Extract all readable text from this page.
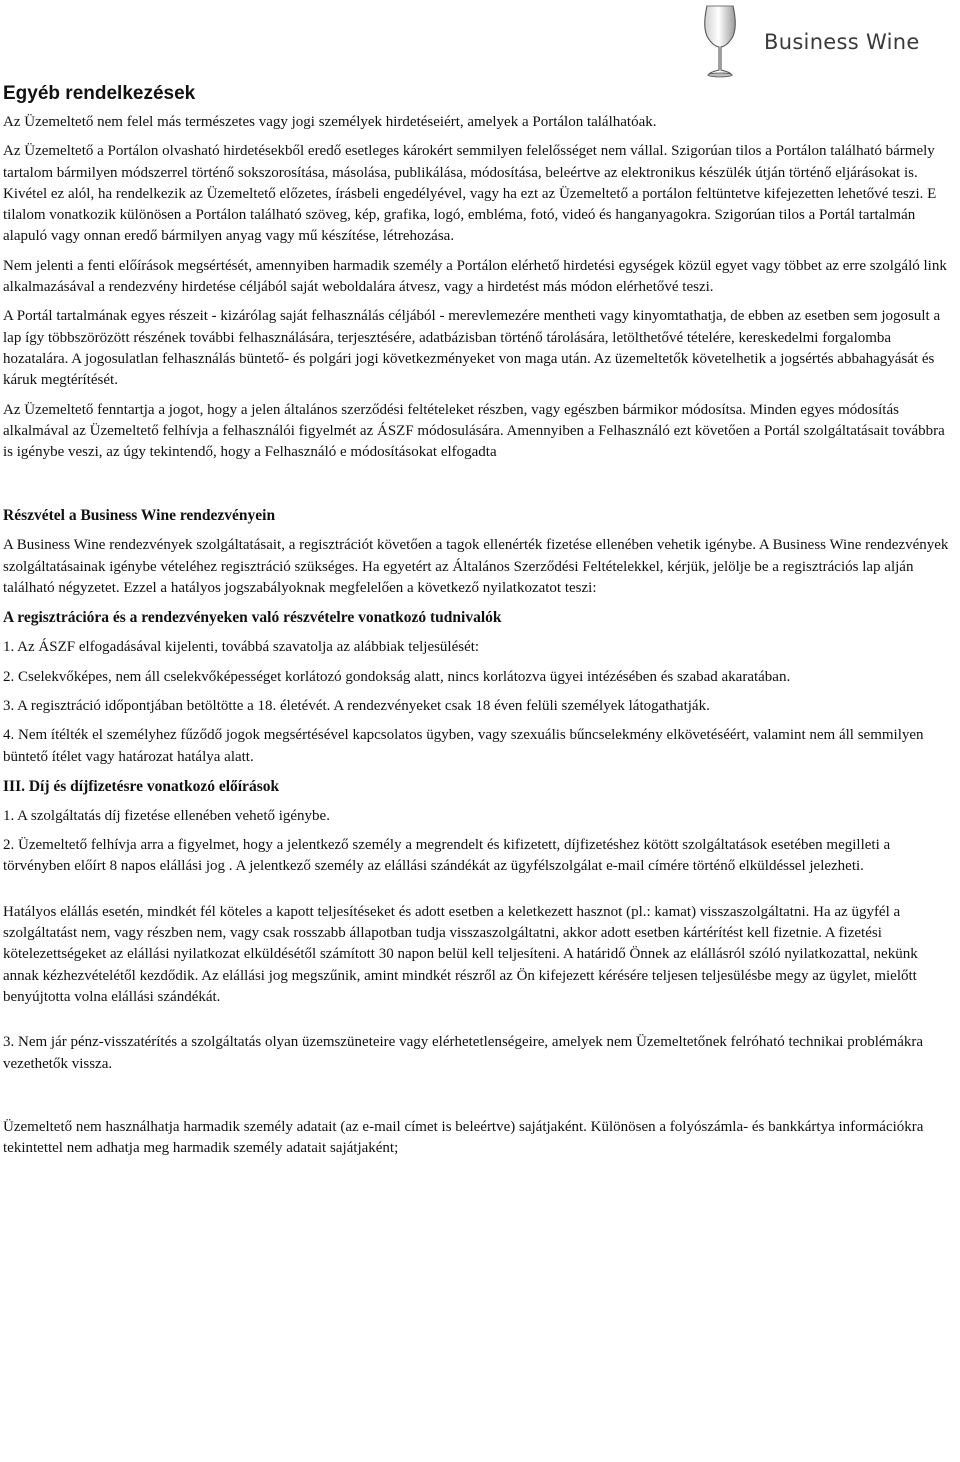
Business Wine
Egyéb rendelkezések

Az Üzemeltető nem felel más természetes vagy jogi személyek hirdetéseiért, amelyek a Portálon találhatóak.

Az Üzemeltető a Portálon olvasható hirdetésekből eredő esetleges károkért semmilyen felelősséget nem vállal. Szigorúan tilos a Portálon található bármely tartalom bármilyen módszerrel történő sokszorosítása, másolása, publikálása, módosítása, beleértve az elektronikus készülék útján történő eljárásokat is. Kivétel ez alól, ha rendelkezik az Üzemeltető előzetes, írásbeli engedélyével, vagy ha ezt az Üzemeltető a portálon feltüntetve kifejezetten lehetővé teszi. E tilalom vonatkozik különösen a Portálon található szöveg, kép, grafika, logó, embléma, fotó, videó és hanganyagokra. Szigorúan tilos a Portál tartalmán alapuló vagy onnan eredő bármilyen anyag vagy mű készítése, létrehozása.

Nem jelenti a fenti előírások megsértését, amennyiben harmadik személy a Portálon elérhető hirdetési egységek közül egyet vagy többet az erre szolgáló link alkalmazásával a rendezvény hirdetése céljából saját weboldalára átvesz, vagy a hirdetést más módon elérhetővé teszi.

A Portál tartalmának egyes részeit - kizárólag saját felhasználás céljából - merevlemezére mentheti vagy kinyomtathatja, de ebben az esetben sem jogosult a lap így többszörözött részének további felhasználására, terjesztésére, adatbázisban történő tárolására, letölthetővé tételére, kereskedelmi forgalomba hozatalára. A jogosulatlan felhasználás büntető- és polgári jogi következményeket von maga után. Az üzemeltetők követelhetik a jogsértés abbahagyását és káruk megtérítését.

Az Üzemeltető fenntartja a jogot, hogy a jelen általános szerződési feltételeket részben, vagy egészben bármikor módosítsa. Minden egyes módosítás alkalmával az Üzemeltető felhívja a felhasználói figyelmét az ÁSZF módosulására. Amennyiben a Felhasználó ezt követően a Portál szolgáltatásait továbbra is igénybe veszi, az úgy tekintendő, hogy a Felhasználó e módosításokat elfogadta

Részvétel a Business Wine rendezvényein

A Business Wine rendezvények szolgáltatásait, a regisztrációt követően a tagok ellenérték fizetése ellenében vehetik igénybe. A Business Wine rendezvények szolgáltatásainak igénybe vételéhez regisztráció szükséges. Ha egyetért az Általános Szerződési Feltételekkel, kérjük, jelölje be a regisztrációs lap alján található négyzetet. Ezzel a hatályos jogszabályoknak megfelelően a következő nyilatkozatot teszi:

A regisztrációra és a rendezvényeken való részvételre vonatkozó tudnivalók

1. Az ÁSZF elfogadásával kijelenti, továbbá szavatolja az alábbiak teljesülését:

2. Cselekvőképes, nem áll cselekvőképességet korlátozó gondokság alatt, nincs korlátozva ügyei intézésében és szabad akaratában.

3. A regisztráció időpontjában betöltötte a 18. életévét. A rendezvényeket csak 18 éven felüli személyek látogathatják.

4. Nem ítélték el személyhez fűződő jogok megsértésével kapcsolatos ügyben, vagy szexuális bűncselekmény elkövetéséért, valamint nem áll semmilyen büntető ítélet vagy határozat hatálya alatt.

III. Díj és díjfizetésre vonatkozó előírások

1. A szolgáltatás díj fizetése ellenében vehető igénybe.

2. Üzemeltető felhívja arra a figyelmet, hogy a jelentkező személy a megrendelt és kifizetett, díjfizetéshez kötött szolgáltatások esetében megilleti a törvényben előírt 8 napos elállási jog . A jelentkező személy az elállási szándékát az ügyfélszolgálat e-mail címére történő elküldéssel jelezheti.

Hatályos elállás esetén, mindkét fél köteles a kapott teljesítéseket és adott esetben a keletkezett hasznot (pl.: kamat) visszaszolgáltatni. Ha az ügyfél a szolgáltatást nem, vagy részben nem, vagy csak rosszabb állapotban tudja visszaszolgáltatni, akkor adott esetben kártérítést kell fizetnie. A fizetési kötelezettségeket az elállási nyilatkozat elküldésétől számított 30 napon belül kell teljesíteni. A határidő Önnek az elállásról szóló nyilatkozattal, nekünk annak kézhezvételétől kezdődik. Az elállási jog megszűnik, amint mindkét részről az Ön kifejezett kérésére teljesen teljesülésbe megy az ügylet, mielőtt benyújtotta volna elállási szándékát.

3. Nem jár pénz-visszatérítés a szolgáltatás olyan üzemszüneteire vagy elérhetetlenségeire, amelyek nem Üzemeltetőnek felróható technikai problémákra vezethetők vissza.

Üzemeltető nem használhatja harmadik személy adatait (az e-mail címet is beleértve) sajátjaként. Különösen a folyószámla- és bankkártya információkra tekintettel nem adhatja meg harmadik személy adatait sajátjaként;
